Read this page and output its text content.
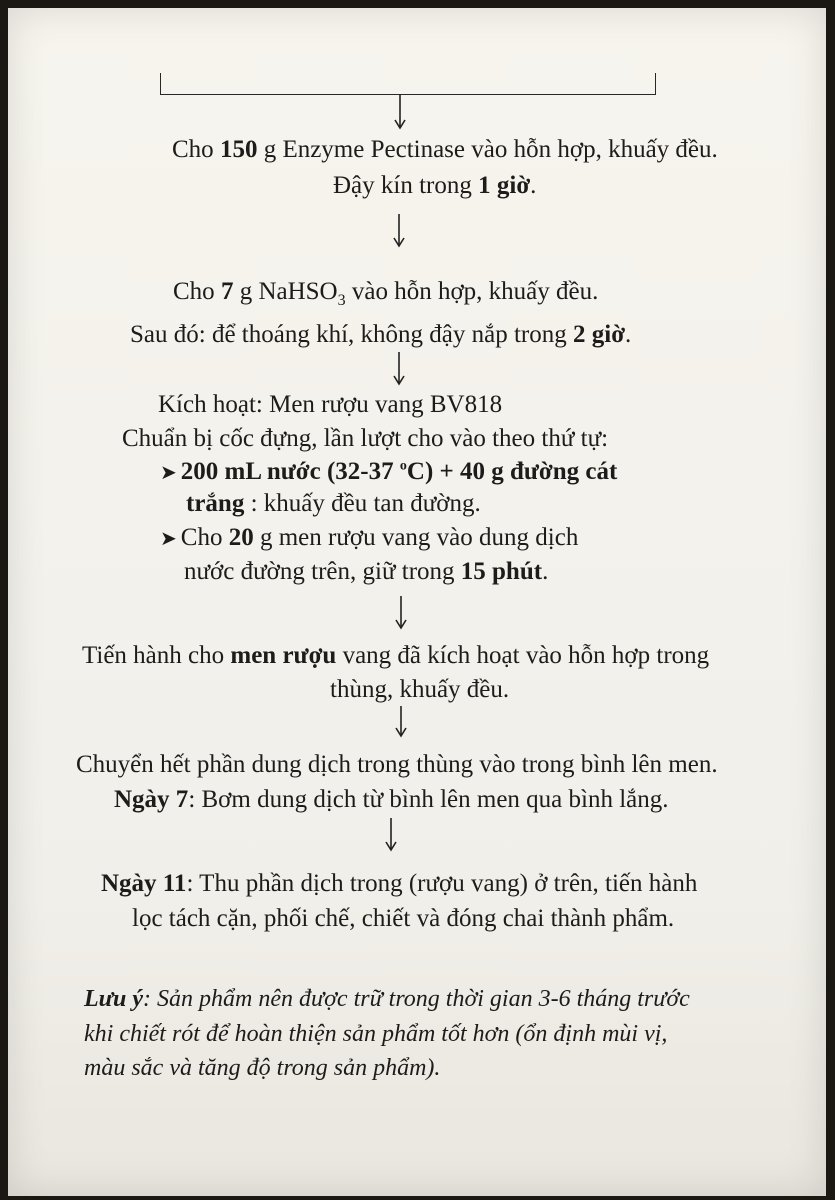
Cho 150 g Enzyme Pectinase vào hỗn hợp, khuấy đều.
Đậy kín trong 1 giờ.
Cho 7 g NaHSO$_3$ vào hỗn hợp, khuấy đều.
Sau đó: để thoáng khí, không đậy nắp trong 2 giờ.
Kích hoạt: Men rượu vang BV818
Chuẩn bị cốc đựng, lần lượt cho vào theo thứ tự:
➤ 200 mL nước (32-37 $^o$C) + 40 g đường cát
trắng : khuấy đều tan đường.
➤ Cho 20 g men rượu vang vào dung dịch
nước đường trên, giữ trong 15 phút.
Tiến hành cho men rượu vang đã kích hoạt vào hỗn hợp trong
thùng, khuấy đều.
Chuyển hết phần dung dịch trong thùng vào trong bình lên men.
Ngày 7: Bơm dung dịch từ bình lên men qua bình lắng.
Ngày 11: Thu phần dịch trong (rượu vang) ở trên, tiến hành
lọc tách cặn, phối chế, chiết và đóng chai thành phẩm.
Lưu ý: Sản phẩm nên được trữ trong thời gian 3-6 tháng trước
khi chiết rót để hoàn thiện sản phẩm tốt hơn (ổn định mùi vị,
màu sắc và tăng độ trong sản phẩm).
